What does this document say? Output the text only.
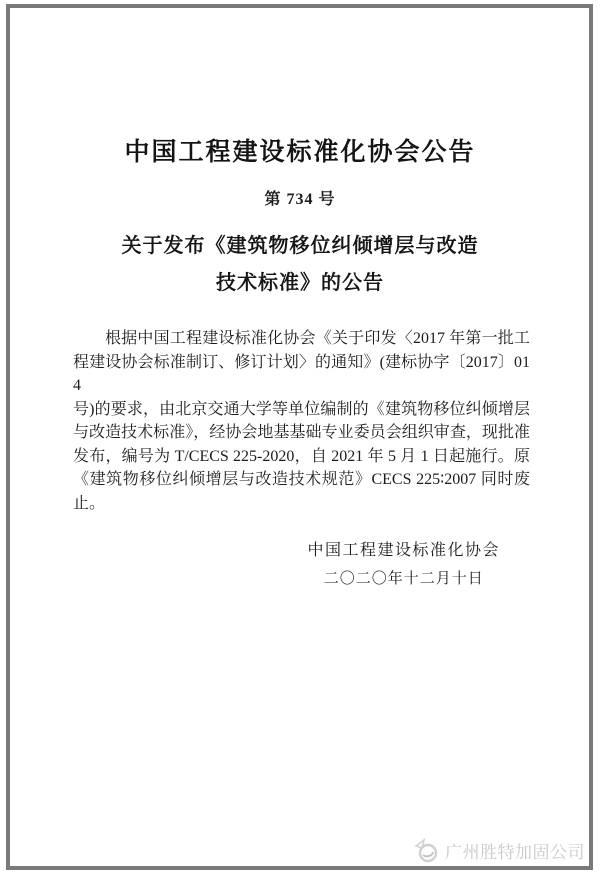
中国工程建设标准化协会公告
第 734 号
关于发布《建筑物移位纠倾增层与改造
技术标准》的公告
根据中国工程建设标准化协会《关于印发〈2017 年第一批工
程建设协会标准制订、修订计划〉的通知》(建标协字〔2017〕014
号)的要求，由北京交通大学等单位编制的《建筑物移位纠倾增层
与改造技术标准》，经协会地基基础专业委员会组织审查，现批准
发布，编号为 T/CECS 225-2020，自 2021 年 5 月 1 日起施行。原
《建筑物移位纠倾增层与改造技术规范》CECS 225∶2007 同时废
止。
中国工程建设标准化协会
二〇二〇年十二月十日
广州胜特加固公司
